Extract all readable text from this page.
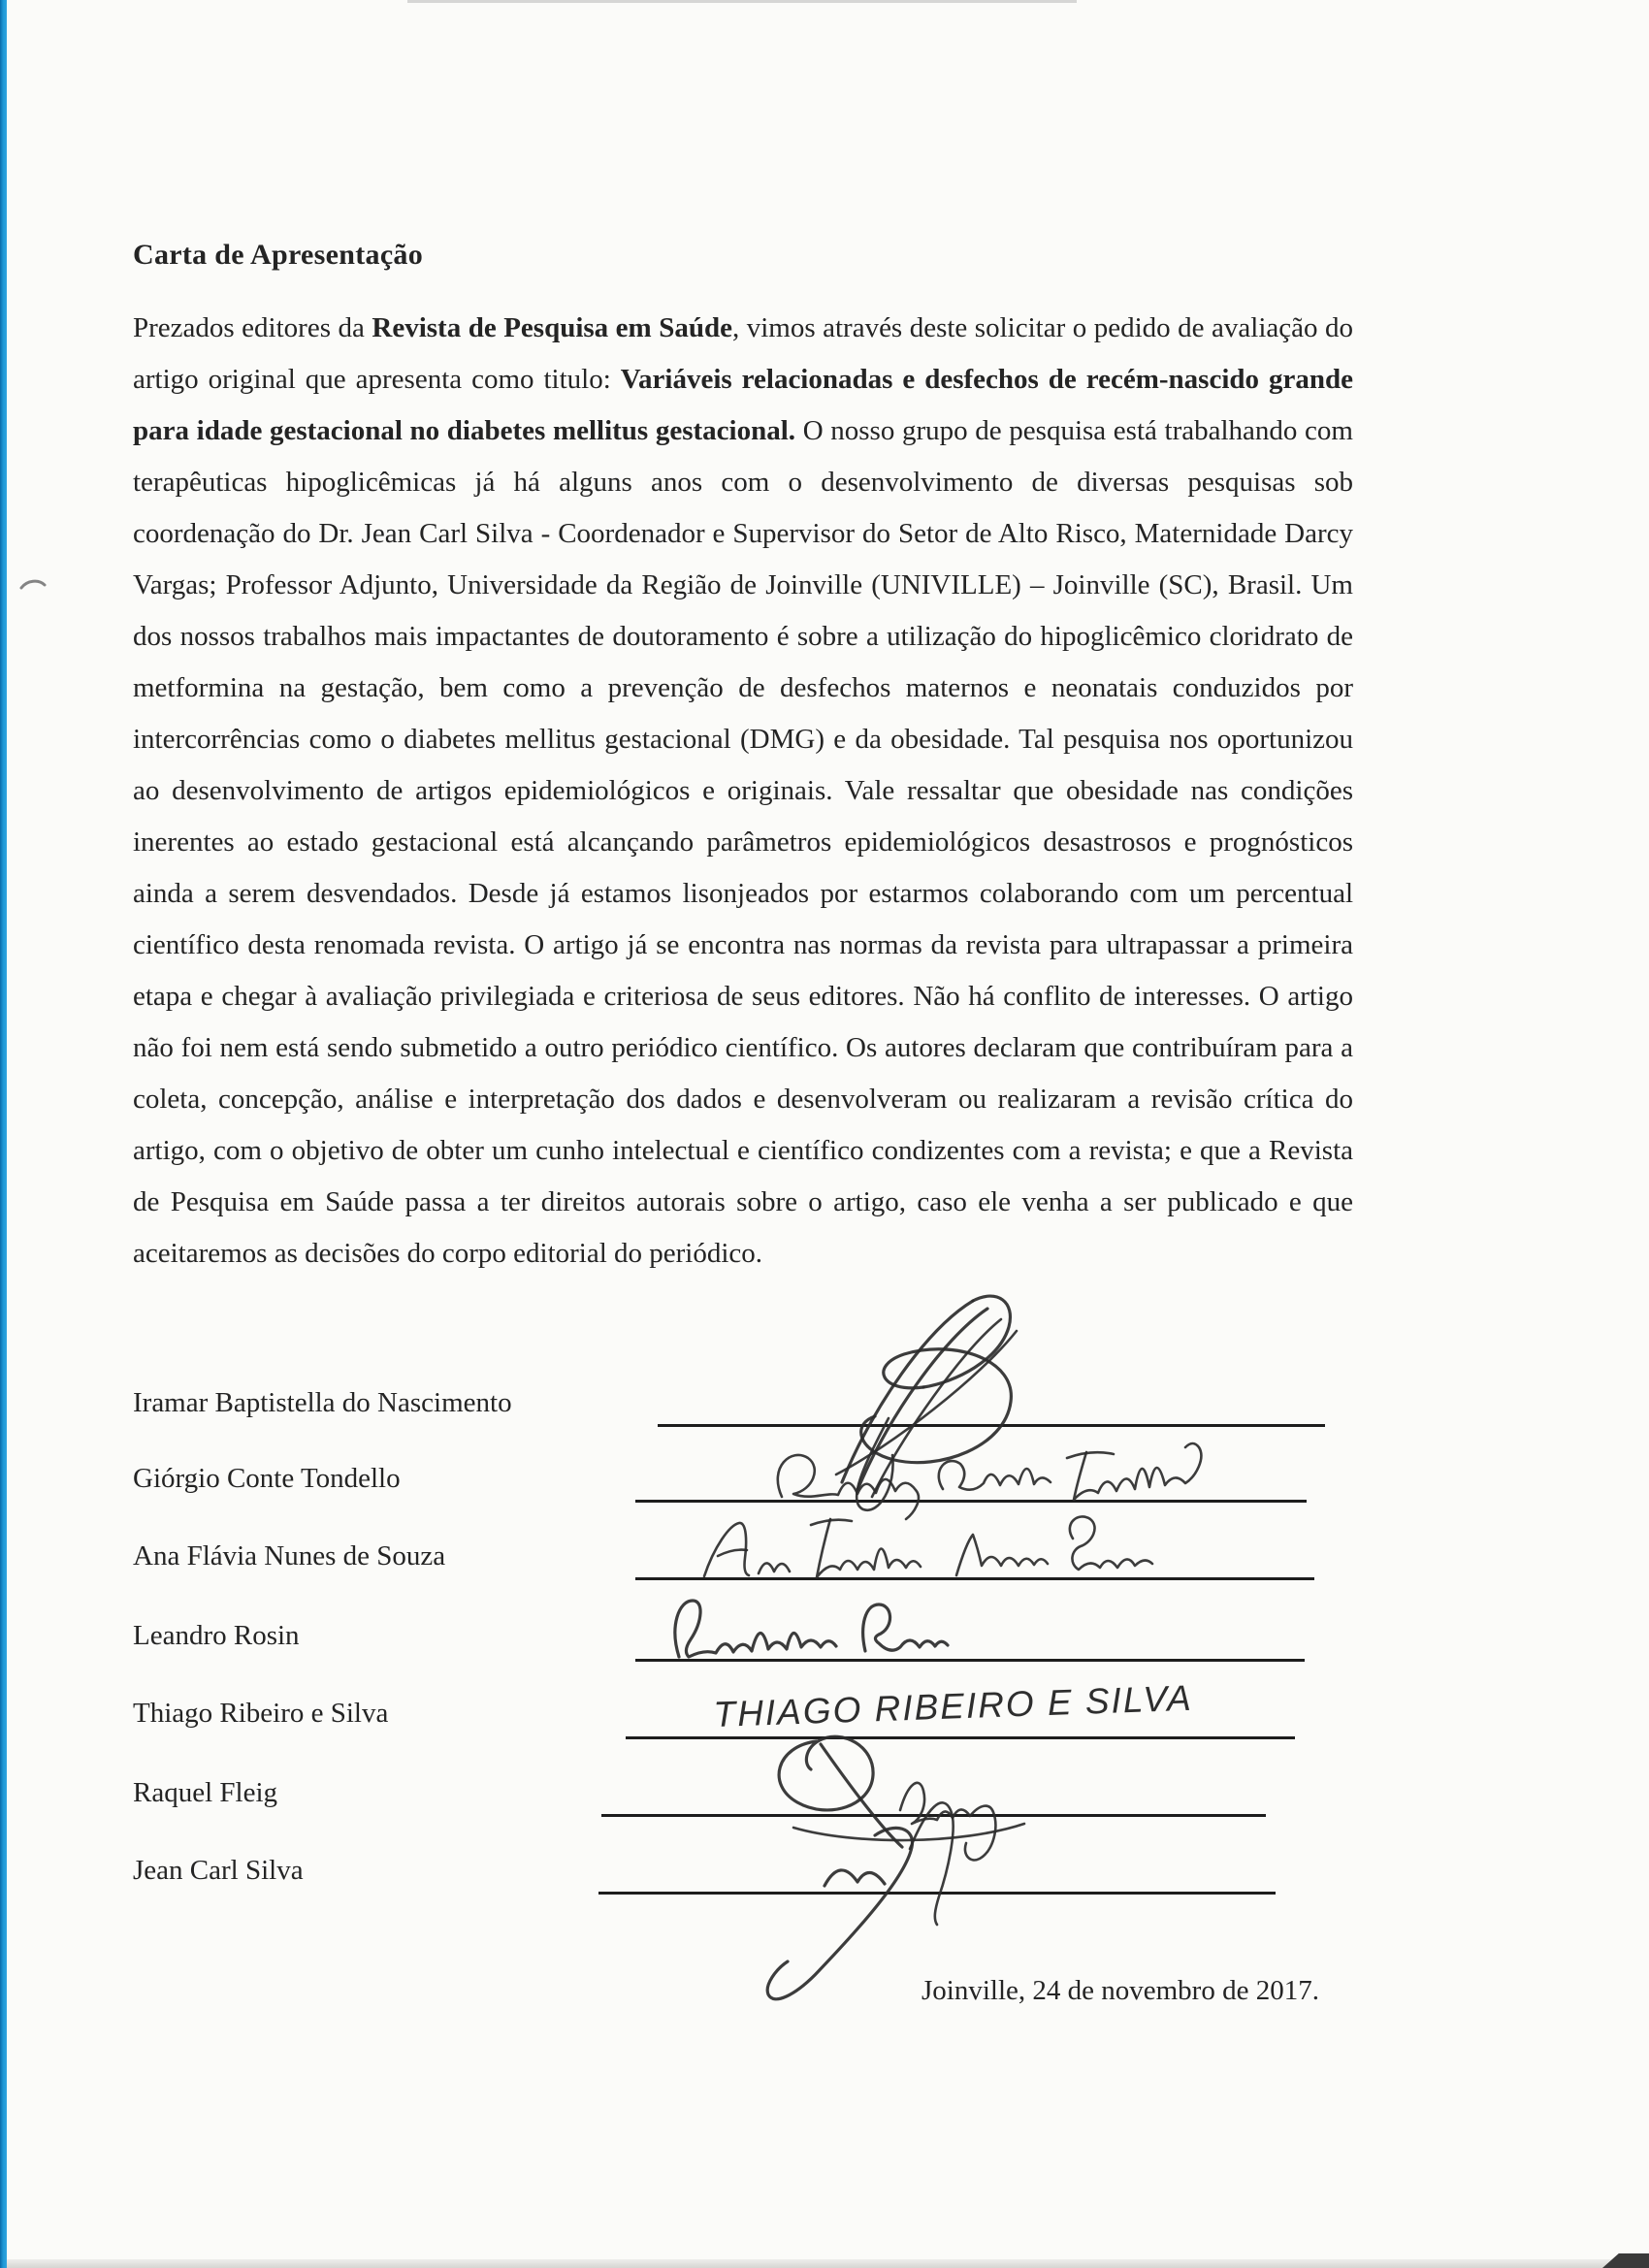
Carta de Apresentação
Prezados editores da Revista de Pesquisa em Saúde, vimos através deste solicitar o pedido de avaliação do artigo original que apresenta como titulo: Variáveis relacionadas e desfechos de recém-nascido grande para idade gestacional no diabetes mellitus gestacional. O nosso grupo de pesquisa está trabalhando com terapêuticas hipoglicêmicas já há alguns anos com o desenvolvimento de diversas pesquisas sob coordenação do Dr. Jean Carl Silva - Coordenador e Supervisor do Setor de Alto Risco, Maternidade Darcy Vargas; Professor Adjunto, Universidade da Região de Joinville (UNIVILLE) – Joinville (SC), Brasil. Um dos nossos trabalhos mais impactantes de doutoramento é sobre a utilização do hipoglicêmico cloridrato de metformina na gestação, bem como a prevenção de desfechos maternos e neonatais conduzidos por intercorrências como o diabetes mellitus gestacional (DMG) e da obesidade. Tal pesquisa nos oportunizou ao desenvolvimento de artigos epidemiológicos e originais. Vale ressaltar que obesidade nas condições inerentes ao estado gestacional está alcançando parâmetros epidemiológicos desastrosos e prognósticos ainda a serem desvendados. Desde já estamos lisonjeados por estarmos colaborando com um percentual científico desta renomada revista. O artigo já se encontra nas normas da revista para ultrapassar a primeira etapa e chegar à avaliação privilegiada e criteriosa de seus editores. Não há conflito de interesses. O artigo não foi nem está sendo submetido a outro periódico científico. Os autores declaram que contribuíram para a coleta, concepção, análise e interpretação dos dados e desenvolveram ou realizaram a revisão crítica do artigo, com o objetivo de obter um cunho intelectual e científico condizentes com a revista; e que a Revista de Pesquisa em Saúde passa a ter direitos autorais sobre o artigo, caso ele venha a ser publicado e que aceitaremos as decisões do corpo editorial do periódico.
Iramar Baptistella do Nascimento
Giórgio Conte Tondello
Ana Flávia Nunes de Souza
Leandro Rosin
Thiago Ribeiro e Silva
Raquel Fleig
Jean Carl Silva
Joinville, 24 de novembro de 2017.
THIAGO RIBEIRO E SILVA
